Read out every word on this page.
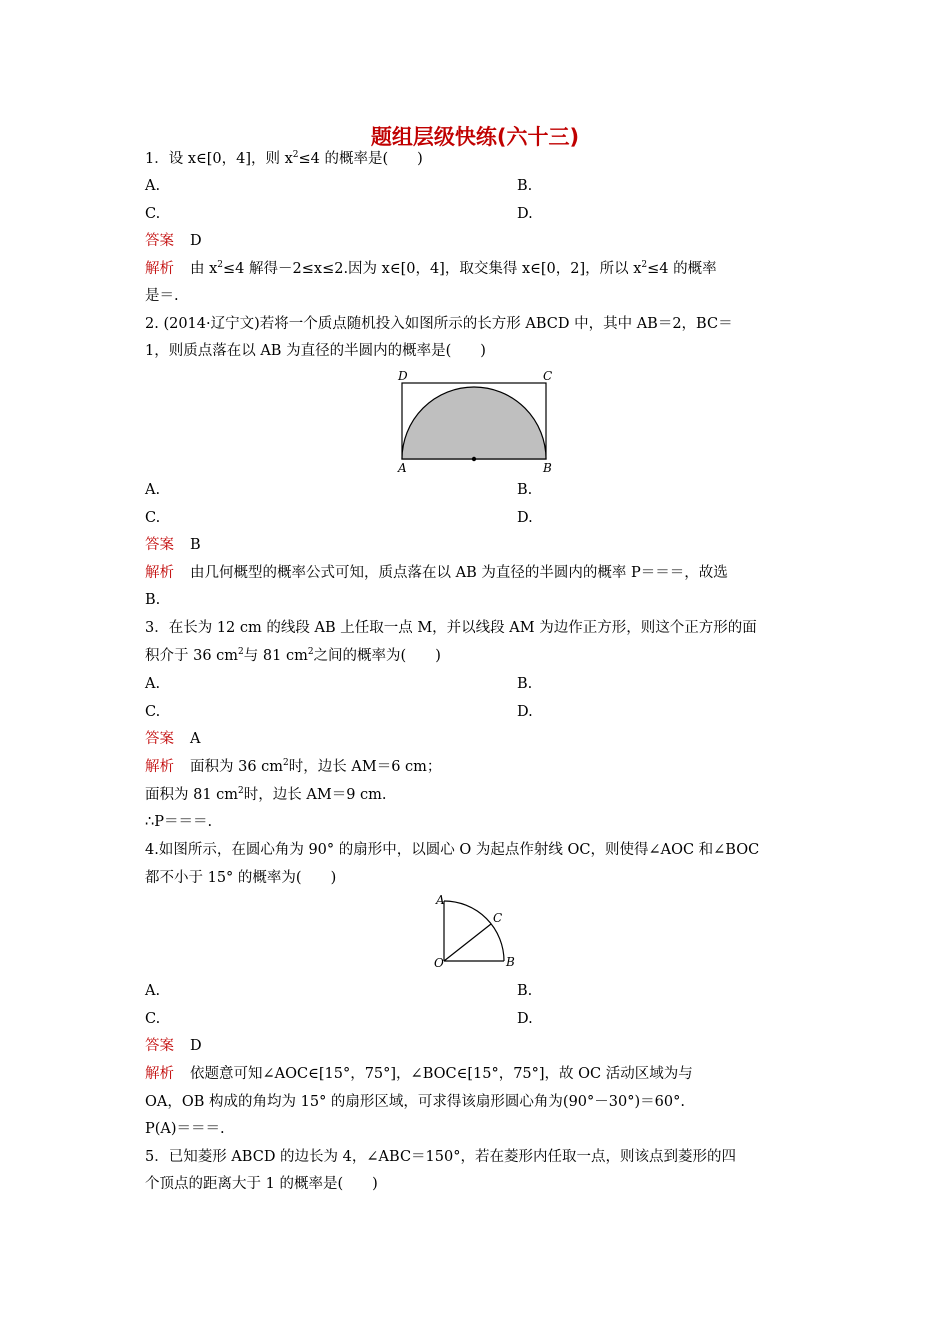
题组层级快练(六十三)
1．设 x∈[0，4]，则 $x^2\le 4$ 的概率是(　　)
A.	B.
C.	D.
答案 D
解析 由 $x^2\le 4$ 解得－2≤x≤2.因为 x∈[0，4]，取交集得 x∈[0，2]，所以 $x^2\le 4$ 的概率
是＝.
2. (2014·辽宁文)若将一个质点随机投入如图所示的长方形 ABCD 中，其中 AB＝2，BC＝
1，则质点落在以 AB 为直径的半圆内的概率是(　　)
D	C
A	B
A.	B.
C.	D.
答案 B
解析 由几何概型的概率公式可知，质点落在以 AB 为直径的半圆内的概率 P＝＝＝，故选
B.
3．在长为 12 cm 的线段 AB 上任取一点 M，并以线段 AM 为边作正方形，则这个正方形的面
积介于 36 $cm^2$与 81 $cm^2$之间的概率为(　　)
A.	B.
C.	D.
答案 A
解析 面积为 36 $cm^2$时，边长 AM＝6 cm；
面积为 81 $cm^2$时，边长 AM＝9 cm.
∴P＝＝＝.
4.如图所示，在圆心角为 90° 的扇形中，以圆心 O 为起点作射线 OC，则使得∠AOC 和∠BOC
都不小于 15° 的概率为(　　)
A
C
O	B
A.	B.
C.	D.
答案 D
解析 依题意可知∠AOC∈[15°，75°]，∠BOC∈[15°，75°]，故 OC 活动区域为与
OA，OB 构成的角均为 15° 的扇形区域，可求得该扇形圆心角为(90°－30°)＝60°.
P(A)＝＝＝.
5．已知菱形 ABCD 的边长为 4，∠ABC＝150°，若在菱形内任取一点，则该点到菱形的四
个顶点的距离大于 1 的概率是(　　)
